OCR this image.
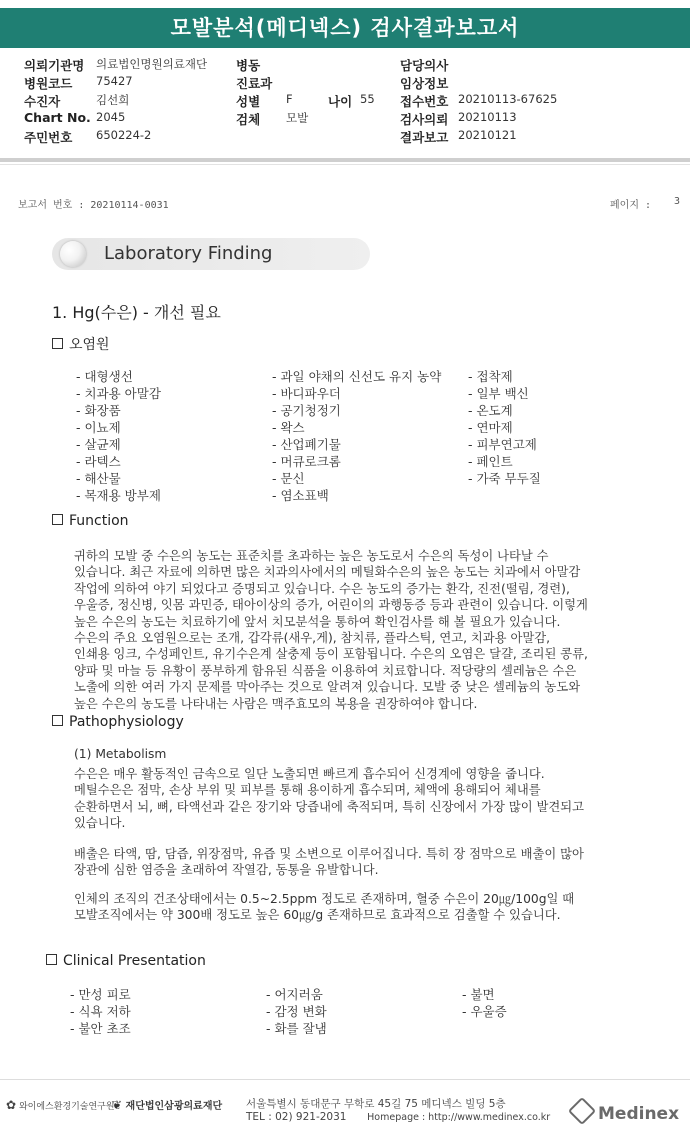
모발분석(메디넥스) 검사결과보고서
의뢰기관명 의료법인명원의료재단 병동	담당의사
병원코드 75427	진료과	임상정보
수진자	김선희	성별 F	나이 55 접수번호 20210113-67625
Chart No. 2045	검체 모발	검사의뢰 20210113
주민번호 650224-2	결과보고 20210121
보고서 번호 : 20210114-0031	페이지 : 3
Laboratory Finding
1. Hg(수은) - 개선 필요
오염원
- 대형생선
- 치과용 아말감
- 화장품
- 이뇨제
- 살균제
- 라텍스
- 해산물
- 목재용 방부제
- 과일 야채의 신선도 유지 농약
- 바디파우더
- 공기청정기
- 왁스
- 산업폐기물
- 머큐로크롬
- 문신
- 염소표백
- 접착제
- 일부 백신
- 온도계
- 연마제
- 피부연고제
- 페인트
- 가죽 무두질
Function

귀하의 모발 중 수은의 농도는 표준치를 초과하는 높은 농도로서 수은의 독성이 나타날 수

있습니다. 최근 자료에 의하면 많은 치과의사에서의 메틸화수은의 높은 농도는 치과에서 아말감

작업에 의하여 야기 되었다고 증명되고 있습니다. 수은 농도의 증가는 환각, 진전(떨림, 경련),

우울증, 정신병, 잇몸 과민증, 태아이상의 증가, 어린이의 과행동증 등과 관련이 있습니다. 이렇게

높은 수은의 농도는 치료하기에 앞서 치모분석을 통하여 확인검사를 해 볼 필요가 있습니다.

수은의 주요 오염원으로는 조개, 갑각류(새우,게), 참치류, 플라스틱, 연고, 치과용 아말감,

인쇄용 잉크, 수성페인트, 유기수은계 살충제 등이 포함됩니다. 수은의 오염은 달걀, 조리된 콩류,

양파 및 마늘 등 유황이 풍부하게 함유된 식품을 이용하여 치료합니다. 적당량의 셀레늄은 수은

노출에 의한 여러 가지 문제를 막아주는 것으로 알려져 있습니다. 모발 중 낮은 셀레늄의 농도와

높은 수은의 농도를 나타내는 사람은 맥주효모의 복용을 권장하여야 합니다.

Pathophysiology
(1) Metabolism

수은은 매우 활동적인 금속으로 일단 노출되면 빠르게 흡수되어 신경계에 영향을 줍니다.

메틸수은은 점막, 손상 부위 및 피부를 통해 용이하게 흡수되며, 체액에 용해되어 체내를

순환하면서 뇌, 뼈, 타액선과 같은 장기와 당즙내에 축적되며, 특히 신장에서 가장 많이 발견되고

있습니다.

배출은 타액, 땀, 담즙, 위장점막, 유즙 및 소변으로 이루어집니다. 특히 장 점막으로 배출이 많아

장관에 심한 염증을 초래하여 작열감, 동통을 유발합니다.

인체의 조직의 건조상태에서는 0.5~2.5ppm 정도로 존재하며, 혈중 수은이 20㎍/100g일 때

모발조직에서는 약 300배 정도로 높은 60㎍/g 존재하므로 효과적으로 검출할 수 있습니다.

Clinical Presentation
- 만성 피로
- 식욕 저하
- 불안 초조
- 어지러움
- 감정 변화
- 화를 잘냄
- 불면
- 우울증
✿ 와이에스환경기술연구원
❦ 재단법인삼광의료재단 서울특별시 동대문구 무학로 45길 75 메디넥스 빌딩 5층
TEL : 02) 921-2031 Homepage : http://www.medinex.co.kr	Medinex
